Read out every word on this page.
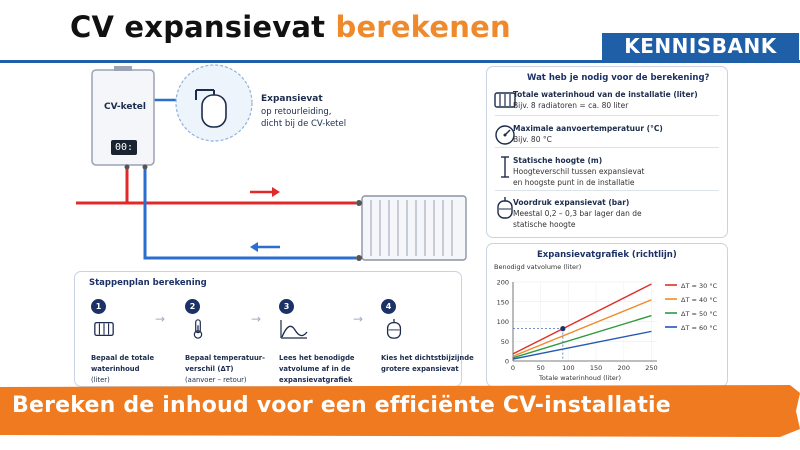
CV expansievat berekenen
KENNISBANK
CV-ketel
00:
Expansievat
op retourleiding,
dicht bij de CV-ketel
Wat heb je nodig voor de berekening?
Totale waterinhoud van de installatie (liter)
Bijv. 8 radiatoren = ca. 80 liter
Maximale aanvoertemperatuur (°C)
Bijv. 80 °C
Statische hoogte (m)
Hoogteverschil tussen expansievat
en hoogste punt in de installatie
Voordruk expansievat (bar)
Meestal 0,2 – 0,3 bar lager dan de
statische hoogte
Stappenplan berekening
1
Bepaal de totale
waterinhoud
(liter)
→
2
Bepaal temperatuur-
verschil (ΔT)
(aanvoer – retour)
→
3
Lees het benodigde
vatvolume af in de
expansievatgrafiek
→
4
Kies het dichtstbijzijnde
grotere expansievat
Expansievatgrafiek (richtlijn)
Benodigd vatvolume (liter)
Totale waterinhoud (liter)
0
50
100
150
200
0	50	100 150 200 250
ΔT = 30 °C
ΔT = 40 °C
ΔT = 50 °C
ΔT = 60 °C
Bereken de inhoud voor een efficiënte CV-installatie
